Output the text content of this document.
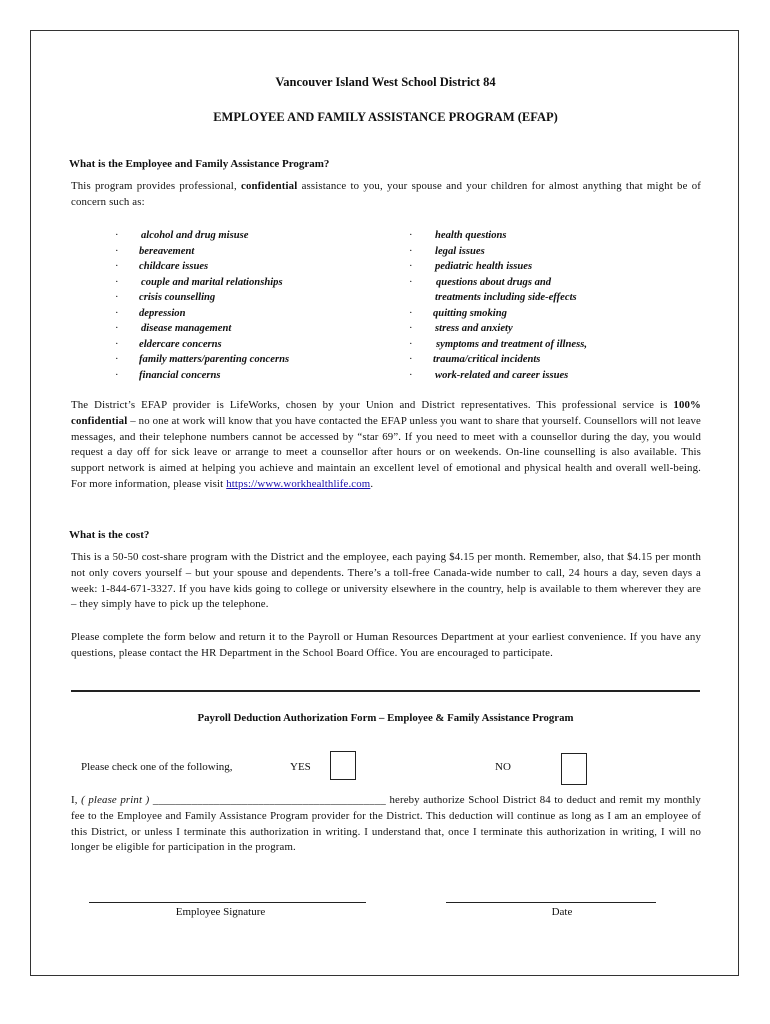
Vancouver Island West School District 84
EMPLOYEE AND FAMILY ASSISTANCE PROGRAM (EFAP)
What is the Employee and Family Assistance Program?
This program provides professional, confidential assistance to you, your spouse and your children for almost anything that might be of concern such as:
· alcohol and drug misuse
· bereavement
· childcare issues
· couple and marital relationships
· crisis counselling
· depression
· disease management
· eldercare concerns
· family matters/parenting concerns
· financial concerns
· health questions
· legal issues
· pediatric health issues
· questions about drugs and
treatments including side-effects
· quitting smoking
· stress and anxiety
· symptoms and treatment of illness,
· trauma/critical incidents
· work-related and career issues
The District’s EFAP provider is LifeWorks, chosen by your Union and District representatives. This professional service is 100% confidential – no one at work will know that you have contacted the EFAP unless you want to share that yourself. Counsellors will not leave messages, and their telephone numbers cannot be accessed by “star 69”. If you need to meet with a counsellor during the day, you would request a day off for sick leave or arrange to meet a counsellor after hours or on weekends. On-line counselling is also available. This support network is aimed at helping you achieve and maintain an excellent level of emotional and physical health and overall well-being. For more information, please visit https://www.workhealthlife.com.
What is the cost?
This is a 50-50 cost-share program with the District and the employee, each paying $4.15 per month. Remember, also, that $4.15 per month not only covers yourself – but your spouse and dependents. There’s a toll-free Canada-wide number to call, 24 hours a day, seven days a week: 1-844-671-3327. If you have kids going to college or university elsewhere in the country, help is available to them wherever they are – they simply have to pick up the telephone.
Please complete the form below and return it to the Payroll or Human Resources Department at your earliest convenience. If you have any questions, please contact the HR Department in the School Board Office. You are encouraged to participate.
Payroll Deduction Authorization Form – Employee & Family Assistance Program
Please check one of the following,	YES	NO
I, ( please print ) __________________________________________ hereby authorize School District 84 to deduct and remit my monthly fee to the Employee and Family Assistance Program provider for the District. This deduction will continue as long as I am an employee of this District, or unless I terminate this authorization in writing. I understand that, once I terminate this authorization in writing, I will no longer be eligible for participation in the program.
Employee Signature	Date
